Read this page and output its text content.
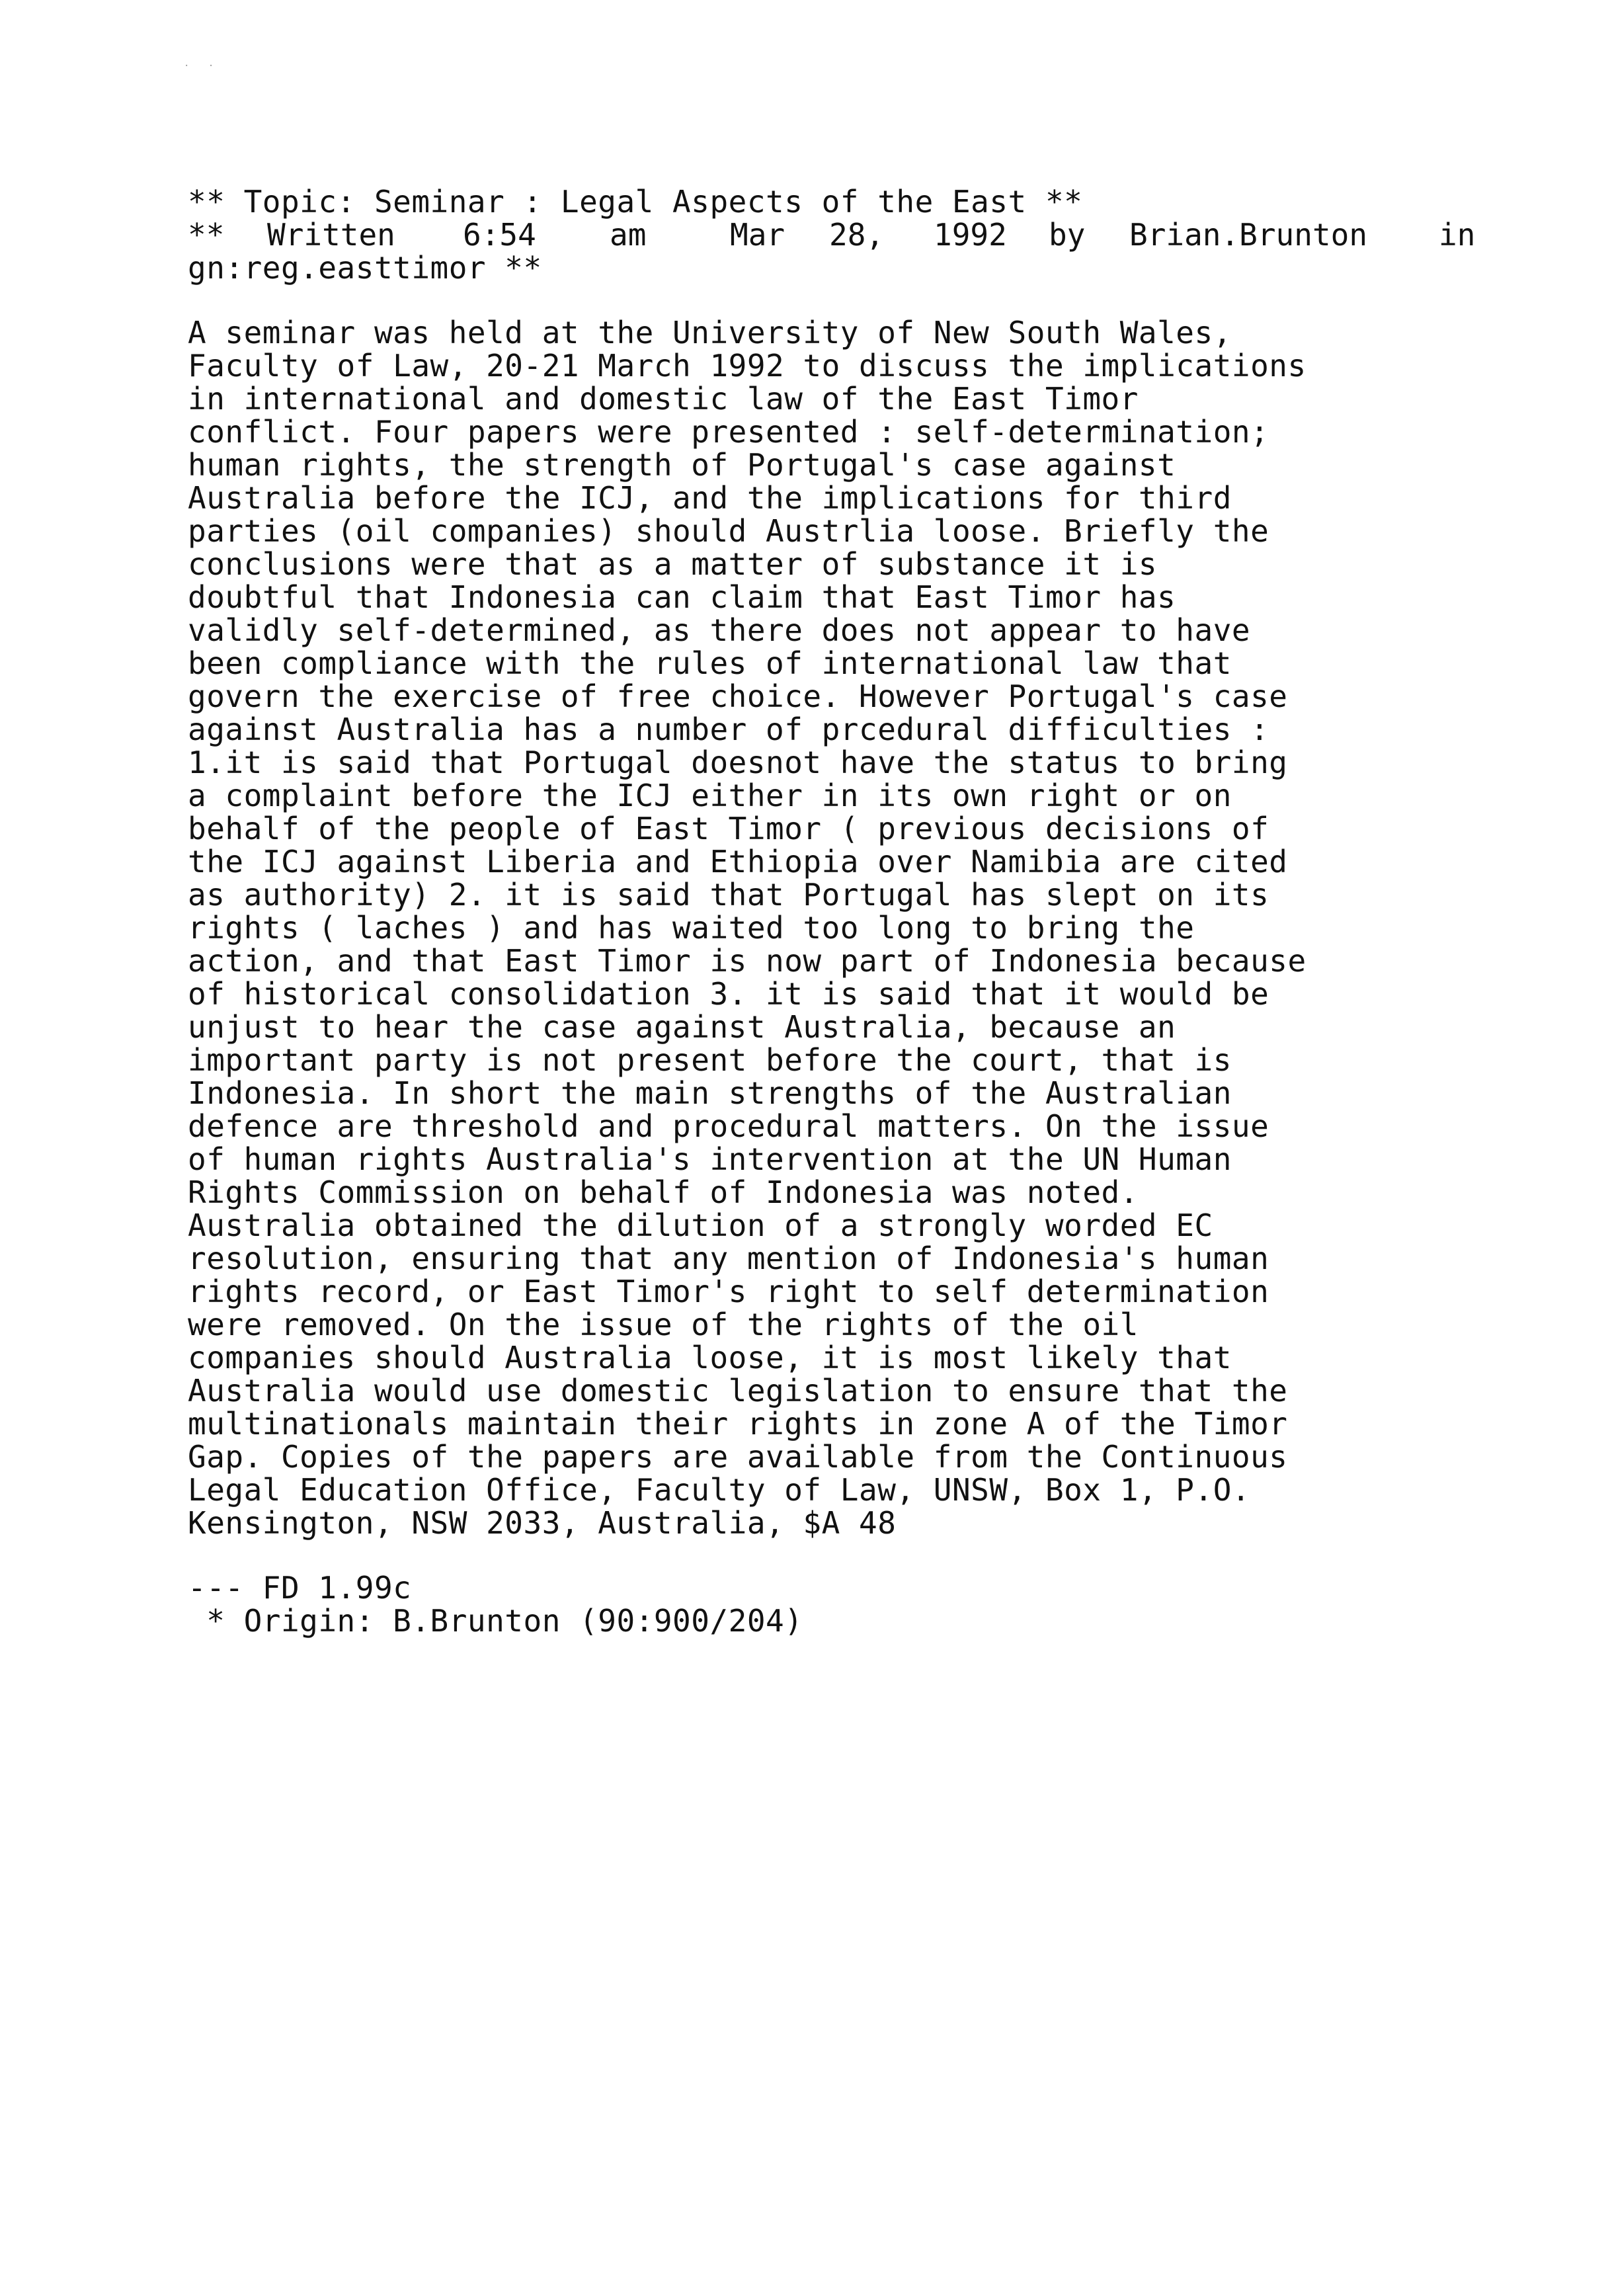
· ·
** Topic: Seminar : Legal Aspects of the East **
** Written 6:54 am	Mar 28, 1992 by Brian.Brunton in
gn:reg.easttimor **
A seminar was held at the University of New South Wales,
Faculty of Law, 20-21 March 1992 to discuss the implications
in international and domestic law of the East Timor
conflict. Four papers were presented : self-determination;
human rights, the strength of Portugal's case against
Australia before the ICJ, and the implications for third
parties (oil companies) should Austrlia loose. Briefly the
conclusions were that as a matter of substance it is
doubtful that Indonesia can claim that East Timor has
validly self-determined, as there does not appear to have
been compliance with the rules of international law that
govern the exercise of free choice. However Portugal's case
against Australia has a number of prcedural difficulties :
1.it is said that Portugal doesnot have the status to bring
a complaint before the ICJ either in its own right or on
behalf of the people of East Timor ( previous decisions of
the ICJ against Liberia and Ethiopia over Namibia are cited
as authority) 2. it is said that Portugal has slept on its
rights ( laches ) and has waited too long to bring the
action, and that East Timor is now part of Indonesia because
of historical consolidation 3. it is said that it would be
unjust to hear the case against Australia, because an
important party is not present before the court, that is
Indonesia. In short the main strengths of the Australian
defence are threshold and procedural matters. On the issue
of human rights Australia's intervention at the UN Human
Rights Commission on behalf of Indonesia was noted.
Australia obtained the dilution of a strongly worded EC
resolution, ensuring that any mention of Indonesia's human
rights record, or East Timor's right to self determination
were removed. On the issue of the rights of the oil
companies should Australia loose, it is most likely that
Australia would use domestic legislation to ensure that the
multinationals maintain their rights in zone A of the Timor
Gap. Copies of the papers are available from the Continuous
Legal Education Office, Faculty of Law, UNSW, Box 1, P.O.
Kensington, NSW 2033, Australia, $A 48
--- FD 1.99c
* Origin: B.Brunton (90:900/204)
